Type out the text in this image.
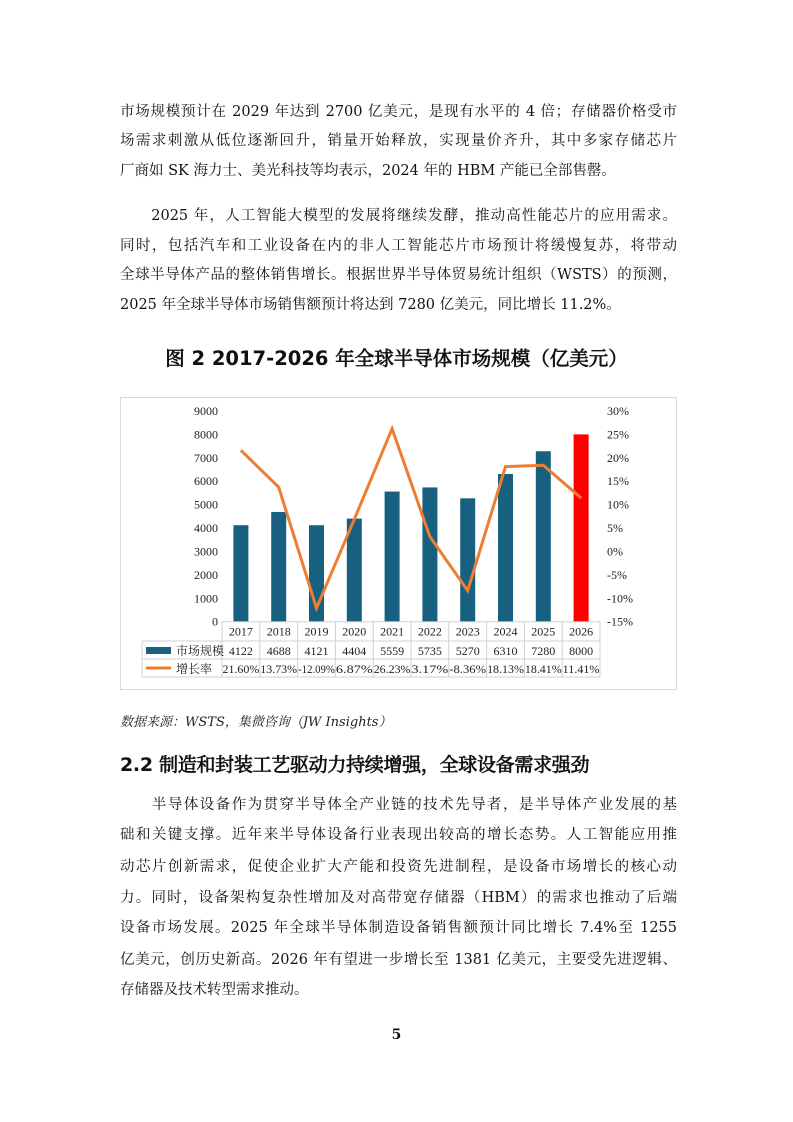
市场规模预计在 2029 年达到 2700 亿美元，是现有水平的 4 倍；存储器价格受市
场需求刺激从低位逐渐回升，销量开始释放，实现量价齐升，其中多家存储芯片
厂商如 SK 海力士、美光科技等均表示，2024 年的 HBM 产能已全部售罄。
　　2025 年，人工智能大模型的发展将继续发酵，推动高性能芯片的应用需求。
同时，包括汽车和工业设备在内的非人工智能芯片市场预计将缓慢复苏，将带动
全球半导体产品的整体销售增长。根据世界半导体贸易统计组织（WSTS）的预测，
2025 年全球半导体市场销售额预计将达到 7280 亿美元，同比增长 11.2%。
图 2 2017-2026 年全球半导体市场规模（亿美元）
0
1000
2000
3000
4000
5000
6000
7000
8000
9000
-15%
-10%
-5%
0%
5%
10%
15%
20%
25%
30%
2017 2018 2019 2020 2021 2022 2023 2024 2025 2026
4122 4688 4121 4404 5559 5735 5270 6310 7280 8000
21.60% 13.73% -12.09% 6.87% 26.23% 3.17% -8.36% 18.13% 18.41% 11.41%
市场规模
增长率
数据来源：WSTS，集微咨询（JW Insights）
2.2 制造和封装工艺驱动力持续增强，全球设备需求强劲
　　半导体设备作为贯穿半导体全产业链的技术先导者，是半导体产业发展的基
础和关键支撑。近年来半导体设备行业表现出较高的增长态势。人工智能应用推
动芯片创新需求，促使企业扩大产能和投资先进制程，是设备市场增长的核心动
力。同时，设备架构复杂性增加及对高带宽存储器（HBM）的需求也推动了后端
设备市场发展。2025 年全球半导体制造设备销售额预计同比增长 7.4%至 1255
亿美元，创历史新高。2026 年有望进一步增长至 1381 亿美元，主要受先进逻辑、
存储器及技术转型需求推动。
5
